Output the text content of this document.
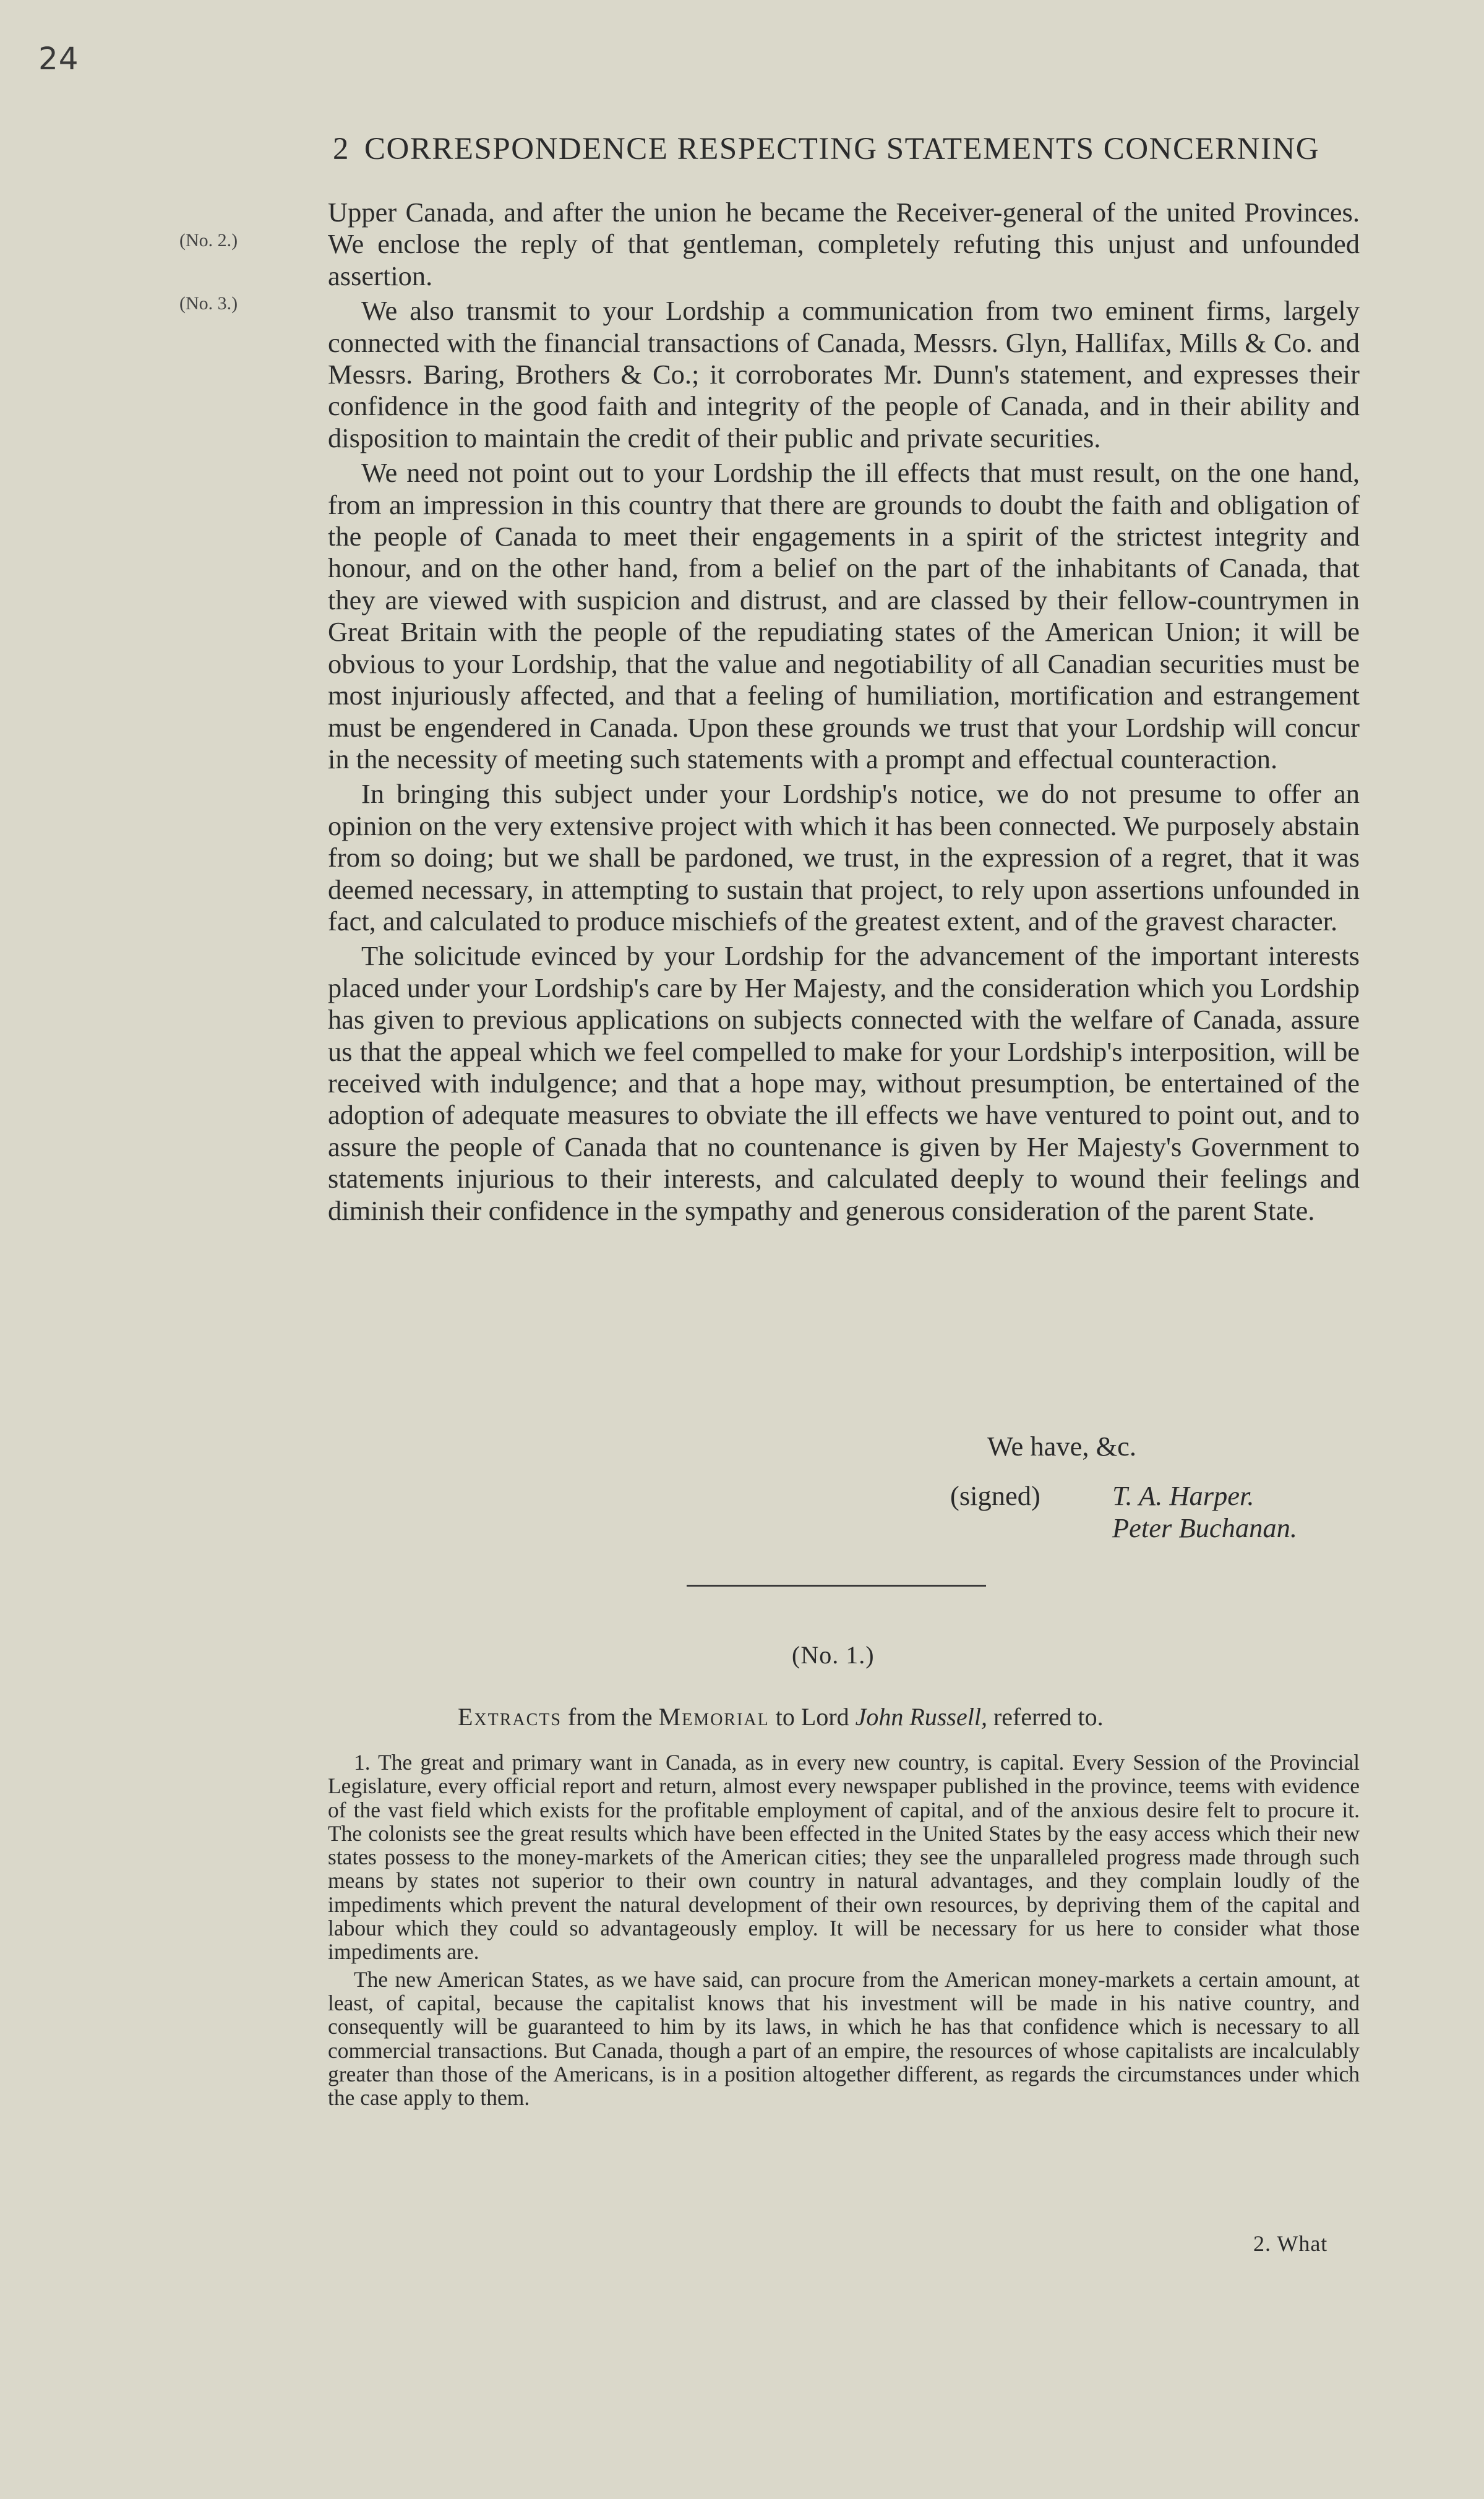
24
2 CORRESPONDENCE RESPECTING STATEMENTS CONCERNING
(No. 2.)
(No. 3.)

Upper Canada, and after the union he became the Receiver-general of the united Provinces. We enclose the reply of that gentleman, completely refuting this unjust and unfounded assertion.

We also transmit to your Lordship a communication from two eminent firms, largely connected with the financial transactions of Canada, Messrs. Glyn, Hallifax, Mills & Co. and Messrs. Baring, Brothers & Co.; it corroborates Mr. Dunn's statement, and expresses their confidence in the good faith and integrity of the people of Canada, and in their ability and disposition to maintain the credit of their public and private securities.

We need not point out to your Lordship the ill effects that must result, on the one hand, from an impression in this country that there are grounds to doubt the faith and obligation of the people of Canada to meet their engagements in a spirit of the strictest integrity and honour, and on the other hand, from a belief on the part of the inhabitants of Canada, that they are viewed with suspicion and distrust, and are classed by their fellow-countrymen in Great Britain with the people of the repudiating states of the American Union; it will be obvious to your Lordship, that the value and negotiability of all Canadian securities must be most injuriously affected, and that a feeling of humiliation, mortification and estrangement must be engendered in Canada. Upon these grounds we trust that your Lordship will concur in the necessity of meeting such statements with a prompt and effectual counteraction.

In bringing this subject under your Lordship's notice, we do not presume to offer an opinion on the very extensive project with which it has been connected. We purposely abstain from so doing; but we shall be pardoned, we trust, in the expression of a regret, that it was deemed necessary, in attempting to sustain that project, to rely upon assertions unfounded in fact, and calculated to produce mischiefs of the greatest extent, and of the gravest character.

The solicitude evinced by your Lordship for the advancement of the important interests placed under your Lordship's care by Her Majesty, and the consideration which you Lordship has given to previous applications on subjects connected with the welfare of Canada, assure us that the appeal which we feel compelled to make for your Lordship's interposition, will be received with indulgence; and that a hope may, without presumption, be entertained of the adoption of adequate measures to obviate the ill effects we have ventured to point out, and to assure the people of Canada that no countenance is given by Her Majesty's Government to statements injurious to their interests, and calculated deeply to wound their feelings and diminish their confidence in the sympathy and generous consideration of the parent State.

We have, &c.
(signed)	T. A. Harper.
Peter Buchanan.
(No. 1.)
Extracts from the Memorial to Lord John Russell, referred to.

1. The great and primary want in Canada, as in every new country, is capital. Every Session of the Provincial Legislature, every official report and return, almost every newspaper published in the province, teems with evidence of the vast field which exists for the profitable employment of capital, and of the anxious desire felt to procure it. The colonists see the great results which have been effected in the United States by the easy access which their new states possess to the money-markets of the American cities; they see the unparalleled progress made through such means by states not superior to their own country in natural advantages, and they complain loudly of the impediments which prevent the natural development of their own resources, by depriving them of the capital and labour which they could so advantageously employ. It will be necessary for us here to consider what those impediments are.

The new American States, as we have said, can procure from the American money-markets a certain amount, at least, of capital, because the capitalist knows that his investment will be made in his native country, and consequently will be guaranteed to him by its laws, in which he has that confidence which is necessary to all commercial transactions. But Canada, though a part of an empire, the resources of whose capitalists are incalculably greater than those of the Americans, is in a position altogether different, as regards the circumstances under which the case apply to them.

2. What
